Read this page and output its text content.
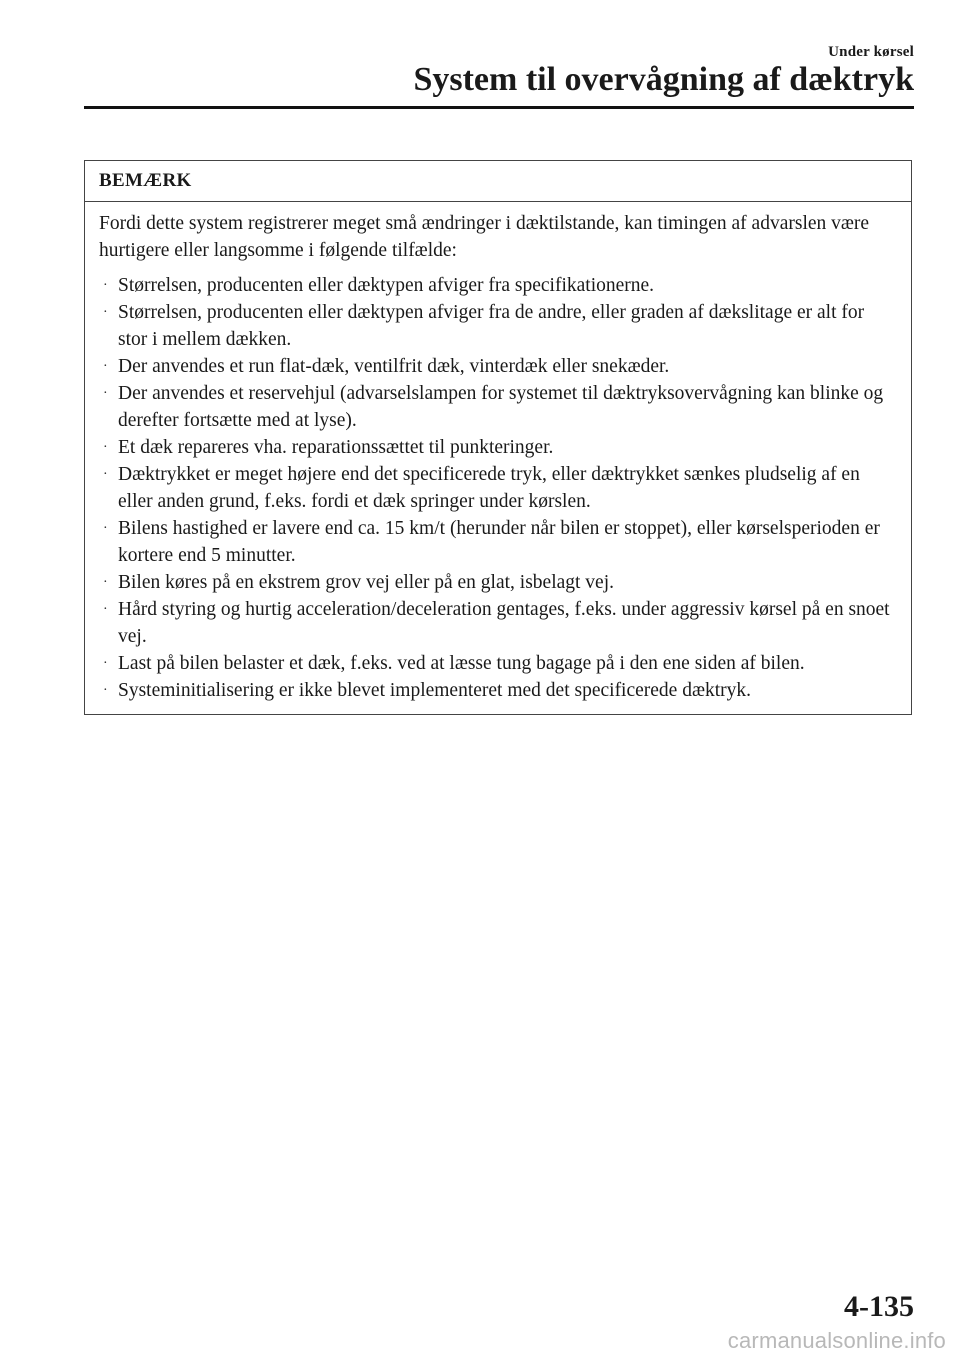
Under kørsel
System til overvågning af dæktryk
BEMÆRK

Fordi dette system registrerer meget små ændringer i dæktilstande, kan timingen af advarslen være hurtigere eller langsomme i følgende tilfælde:

· Størrelsen, producenten eller dæktypen afviger fra specifikationerne.
· Størrelsen, producenten eller dæktypen afviger fra de andre, eller graden af dækslitage er alt for stor i mellem dækken.
· Der anvendes et run flat-dæk, ventilfrit dæk, vinterdæk eller snekæder.
· Der anvendes et reservehjul (advarselslampen for systemet til dæktryksovervågning kan blinke og derefter fortsætte med at lyse).
· Et dæk repareres vha. reparationssættet til punkteringer.
· Dæktrykket er meget højere end det specificerede tryk, eller dæktrykket sænkes pludselig af en eller anden grund, f.eks. fordi et dæk springer under kørslen.
· Bilens hastighed er lavere end ca. 15 km/t (herunder når bilen er stoppet), eller kørselsperioden er kortere end 5 minutter.
· Bilen køres på en ekstrem grov vej eller på en glat, isbelagt vej.
· Hård styring og hurtig acceleration/deceleration gentages, f.eks. under aggressiv kørsel på en snoet vej.
· Last på bilen belaster et dæk, f.eks. ved at læsse tung bagage på i den ene siden af bilen.
· Systeminitialisering er ikke blevet implementeret med det specificerede dæktryk.
4-135
carmanualsonline.info
